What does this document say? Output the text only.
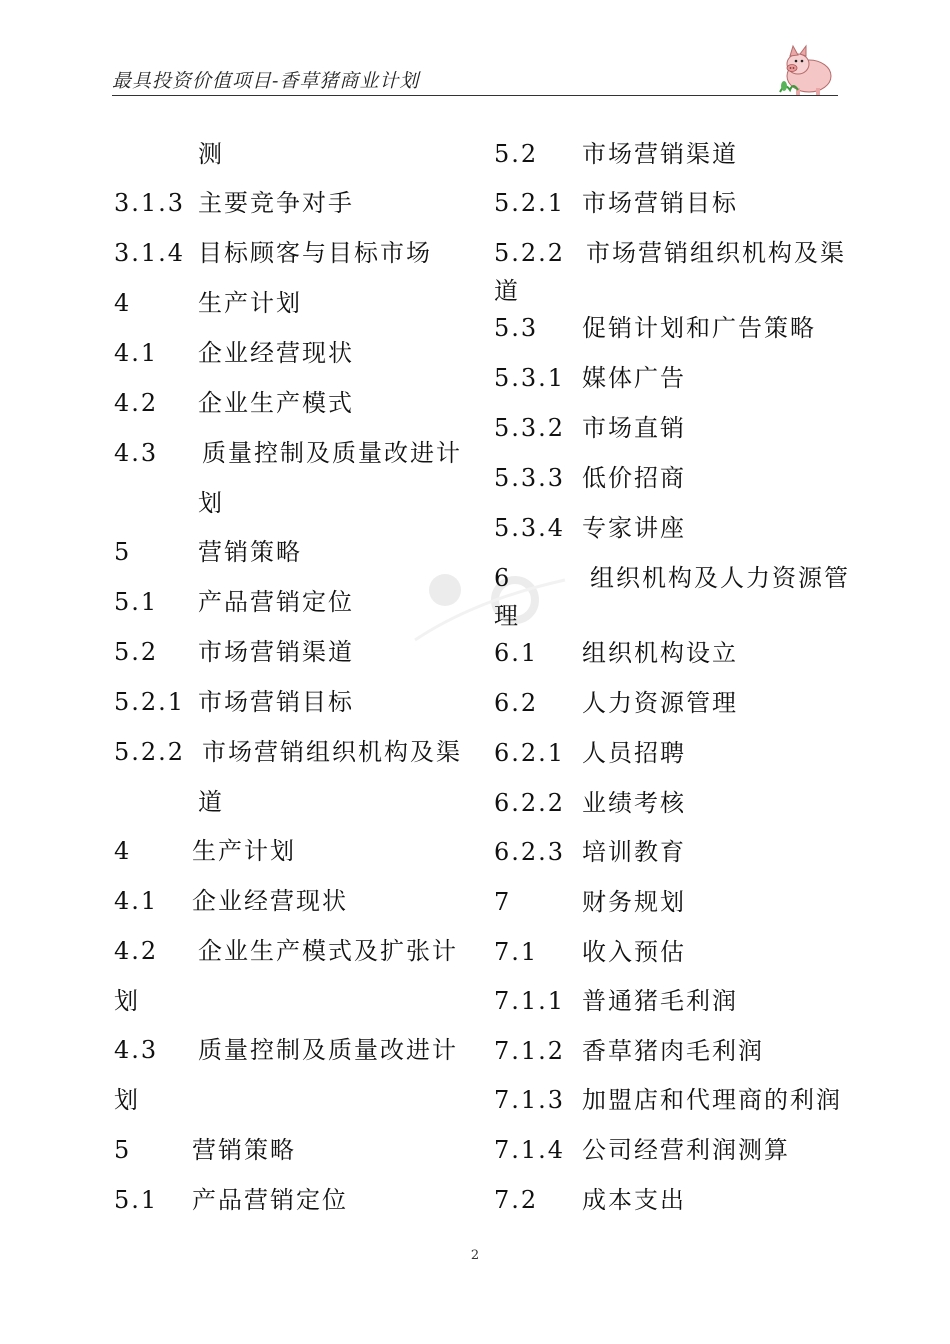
最具投资价值项目-香草猪商业计划
测
3.1.3 主要竞争对手
3.1.4 目标顾客与目标市场
4	生产计划
4.1 企业经营现状
4.2 企业生产模式
4.3 质量控制及质量改进计
划
5	营销策略
5.1 产品营销定位
5.2 市场营销渠道
5.2.1 市场营销目标
5.2.2 市场营销组织机构及渠
道
4	生产计划
4.1 企业经营现状
4.2 企业生产模式及扩张计
划
4.3 质量控制及质量改进计
划
5	营销策略
5.1 产品营销定位
5.2 市场营销渠道
5.2.1 市场营销目标
5.2.2 市场营销组织机构及渠
道
5.3 促销计划和广告策略
5.3.1 媒体广告
5.3.2 市场直销
5.3.3 低价招商
5.3.4 专家讲座
6	组织机构及人力资源管
理
6.1 组织机构设立
6.2 人力资源管理
6.2.1 人员招聘
6.2.2 业绩考核
6.2.3 培训教育
7	财务规划
7.1 收入预估
7.1.1 普通猪毛利润
7.1.2 香草猪肉毛利润
7.1.3 加盟店和代理商的利润
7.1.4 公司经营利润测算
7.2 成本支出
2
